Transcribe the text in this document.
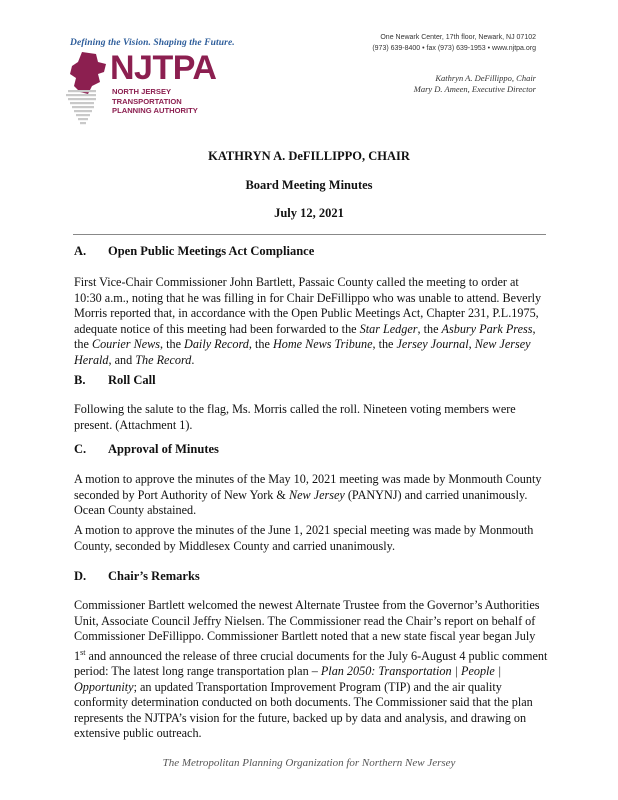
Defining the Vision. Shaping the Future.
NJTPA
NORTH JERSEY
TRANSPORTATION
PLANNING AUTHORITY
One Newark Center, 17th floor, Newark, NJ 07102
(973) 639-8400 • fax (973) 639-1953 • www.njtpa.org
Kathryn A. DeFillippo, Chair
Mary D. Ameen, Executive Director
KATHRYN A. DeFILLIPPO, CHAIR
Board Meeting Minutes
July 12, 2021
A. Open Public Meetings Act Compliance
First Vice-Chair Commissioner John Bartlett, Passaic County called the meeting to order at
10:30 a.m., noting that he was filling in for Chair DeFillippo who was unable to attend. Beverly
Morris reported that, in accordance with the Open Public Meetings Act, Chapter 231, P.L.1975,
adequate notice of this meeting had been forwarded to the Star Ledger, the Asbury Park Press,
the Courier News, the Daily Record, the Home News Tribune, the Jersey Journal, New Jersey
Herald, and The Record.
B. Roll Call
Following the salute to the flag, Ms. Morris called the roll. Nineteen voting members were
present. (Attachment 1).
C. Approval of Minutes
A motion to approve the minutes of the May 10, 2021 meeting was made by Monmouth County
seconded by Port Authority of New York & New Jersey (PANYNJ) and carried unanimously.
Ocean County abstained.
A motion to approve the minutes of the June 1, 2021 special meeting was made by Monmouth
County, seconded by Middlesex County and carried unanimously.
D. Chair’s Remarks
Commissioner Bartlett welcomed the newest Alternate Trustee from the Governor’s Authorities
Unit, Associate Council Jeffry Nielsen. The Commissioner read the Chair’s report on behalf of
Commissioner DeFillippo. Commissioner Bartlett noted that a new state fiscal year began July
1st and announced the release of three crucial documents for the July 6-August 4 public comment
period: The latest long range transportation plan – Plan 2050: Transportation | People |
Opportunity; an updated Transportation Improvement Program (TIP) and the air quality
conformity determination conducted on both documents. The Commissioner said that the plan
represents the NJTPA’s vision for the future, backed up by data and analysis, and drawing on
extensive public outreach.
The Metropolitan Planning Organization for Northern New Jersey
